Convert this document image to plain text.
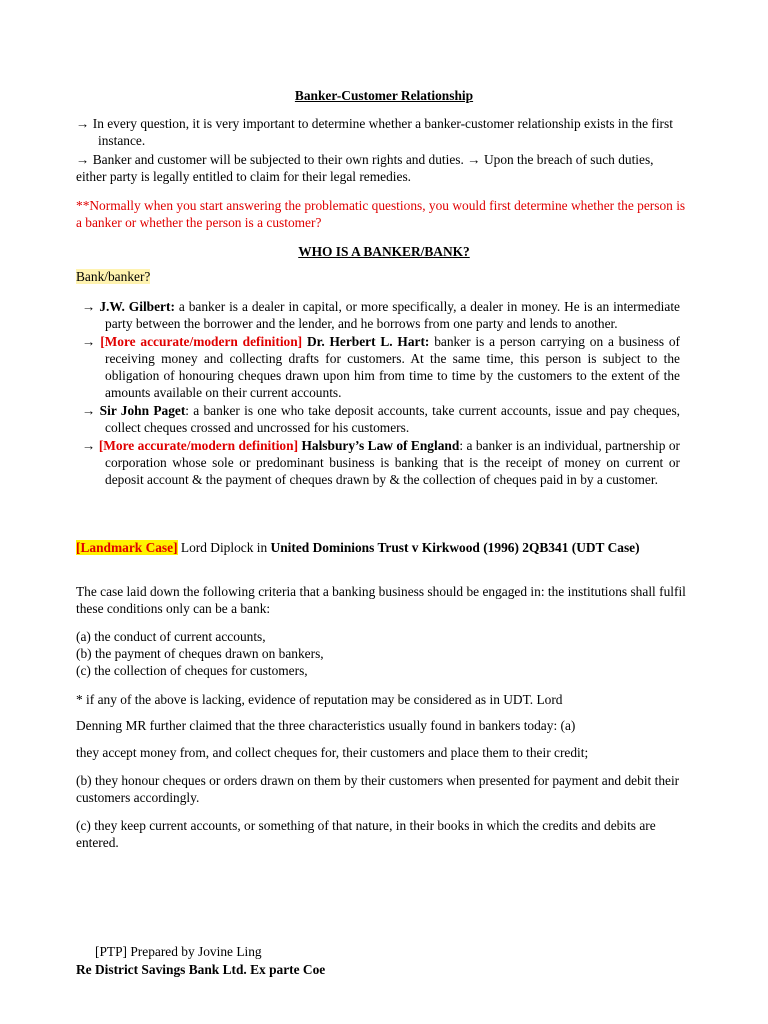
Banker-Customer Relationship
→ In every question, it is very important to determine whether a banker-customer relationship exists in the first instance.
→ Banker and customer will be subjected to their own rights and duties. → Upon the breach of such duties, either party is legally entitled to claim for their legal remedies.
**Normally when you start answering the problematic questions, you would first determine whether the person is a banker or whether the person is a customer?
WHO IS A BANKER/BANK?
Bank/banker?

→ J.W. Gilbert: a banker is a dealer in capital, or more specifically, a dealer in money. He is an intermediate party between the borrower and the lender, and he borrows from one party and lends to another.

→ [More accurate/modern definition] Dr. Herbert L. Hart: banker is a person carrying on a business of receiving money and collecting drafts for customers. At the same time, this person is subject to the obligation of honouring cheques drawn upon him from time to time by the customers to the extent of the amounts available on their current accounts.

→ Sir John Paget: a banker is one who take deposit accounts, take current accounts, issue and pay cheques, collect cheques crossed and uncrossed for his customers.

→ [More accurate/modern definition] Halsbury’s Law of England: a banker is an individual, partnership or corporation whose sole or predominant business is banking that is the receipt of money on current or deposit account & the payment of cheques drawn by & the collection of cheques paid in by a customer.

[Landmark Case] Lord Diplock in United Dominions Trust v Kirkwood (1996) 2QB341 (UDT Case)
The case laid down the following criteria that a banking business should be engaged in: the institutions shall fulfil these conditions only can be a bank:

(a) the conduct of current accounts,

(b) the payment of cheques drawn on bankers,

(c) the collection of cheques for customers,

* if any of the above is lacking, evidence of reputation may be considered as in UDT. Lord
Denning MR further claimed that the three characteristics usually found in bankers today: (a)
they accept money from, and collect cheques for, their customers and place them to their credit;
(b) they honour cheques or orders drawn on them by their customers when presented for payment and debit their customers accordingly.
(c) they keep current accounts, or something of that nature, in their books in which the credits and debits are entered.
[PTP] Prepared by Jovine Ling
Re District Savings Bank Ltd. Ex parte Coe
